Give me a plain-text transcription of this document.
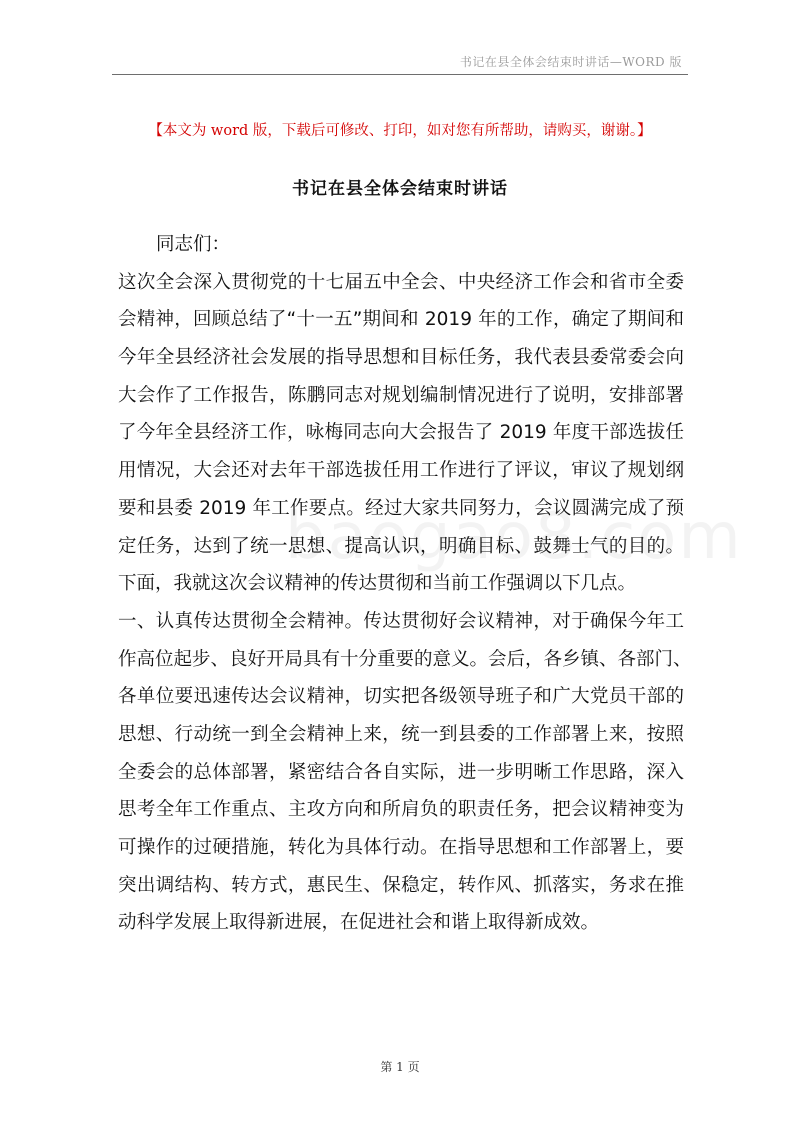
书记在县全体会结束时讲话—WORD 版
【本文为 word 版，下载后可修改、打印，如对您有所帮助，请购买，谢谢。】
书记在县全体会结束时讲话
同志们：
这次全会深入贯彻党的十七届五中全会、中央经济工作会和省市全委
会精神，回顾总结了“十一五”期间和 2019 年的工作，确定了期间和
今年全县经济社会发展的指导思想和目标任务，我代表县委常委会向
大会作了工作报告，陈鹏同志对规划编制情况进行了说明，安排部署
了今年全县经济工作，咏梅同志向大会报告了 2019 年度干部选拔任
用情况，大会还对去年干部选拔任用工作进行了评议，审议了规划纲
要和县委 2019 年工作要点。经过大家共同努力，会议圆满完成了预
定任务，达到了统一思想、提高认识，明确目标、鼓舞士气的目的。
下面，我就这次会议精神的传达贯彻和当前工作强调以下几点。
一、认真传达贯彻全会精神。传达贯彻好会议精神，对于确保今年工
作高位起步、良好开局具有十分重要的意义。会后，各乡镇、各部门、
各单位要迅速传达会议精神，切实把各级领导班子和广大党员干部的
思想、行动统一到全会精神上来，统一到县委的工作部署上来，按照
全委会的总体部署，紧密结合各自实际，进一步明晰工作思路，深入
思考全年工作重点、主攻方向和所肩负的职责任务，把会议精神变为
可操作的过硬措施，转化为具体行动。在指导思想和工作部署上，要
突出调结构、转方式，惠民生、保稳定，转作风、抓落实，务求在推
动科学发展上取得新进展，在促进社会和谐上取得新成效。
第 1 页
